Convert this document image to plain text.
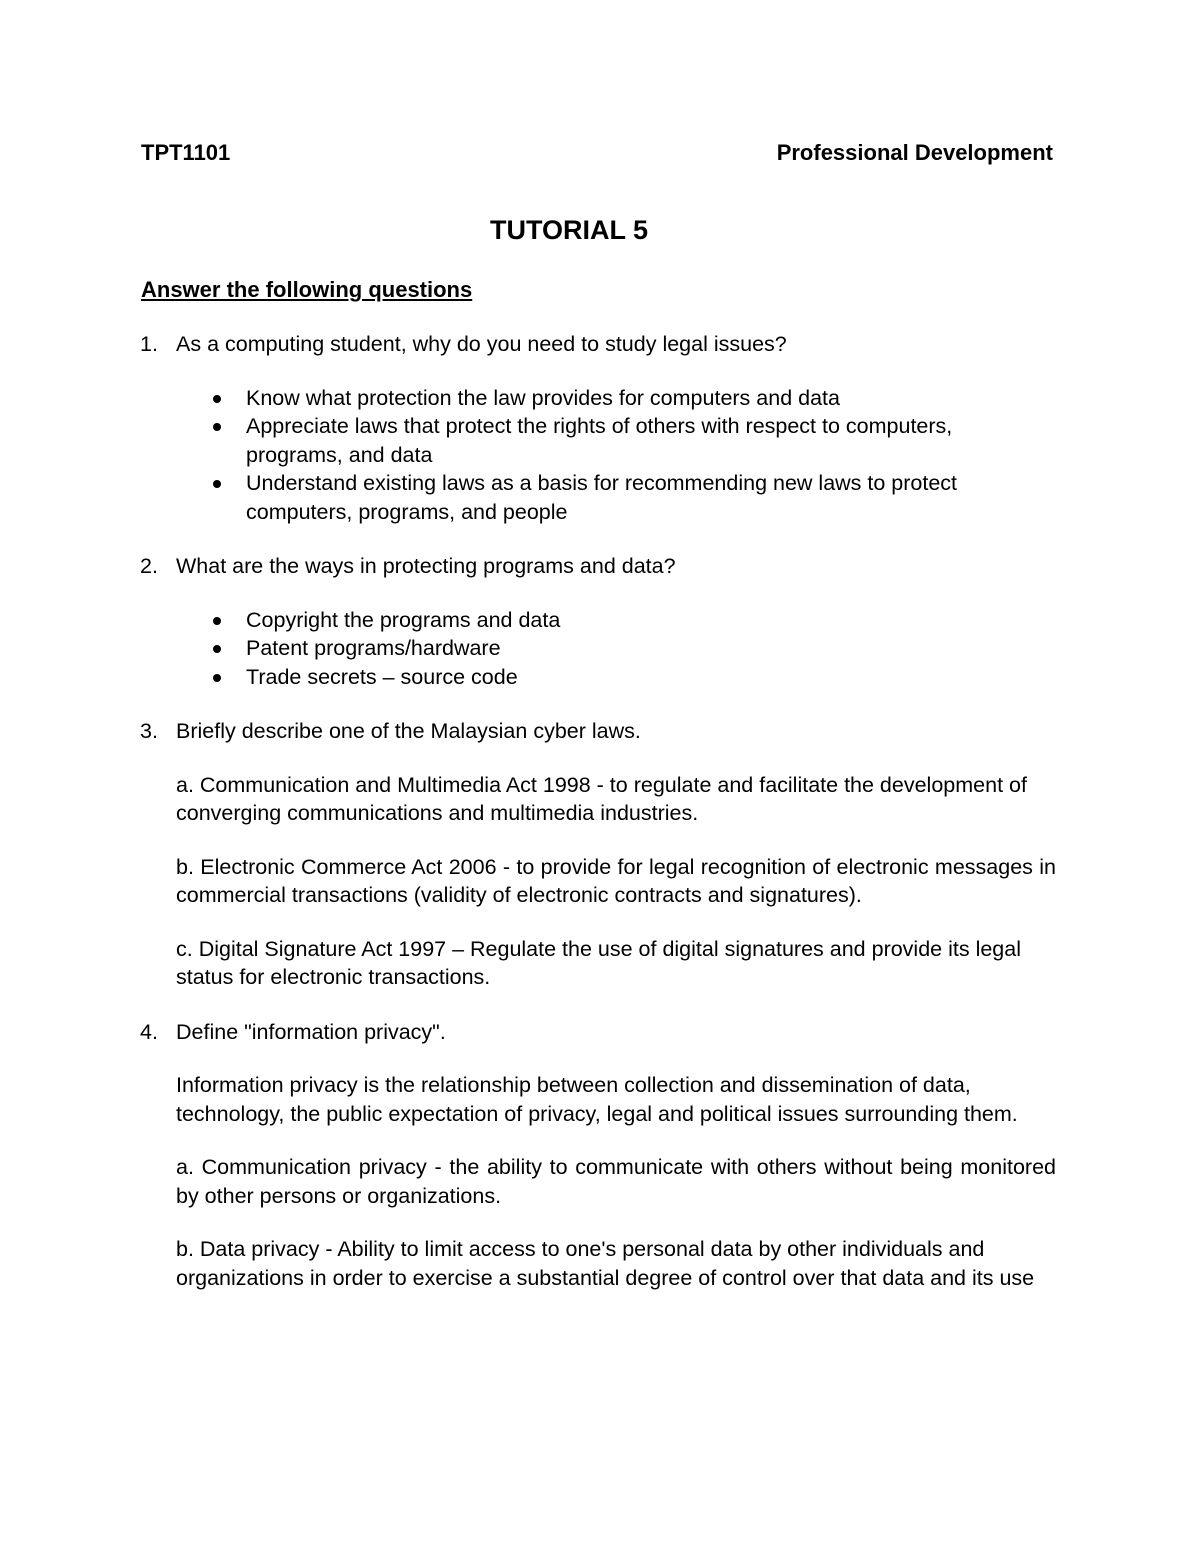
TPT1101	Professional Development
TUTORIAL 5
Answer the following questions
1. As a computing student, why do you need to study legal issues?
Know what protection the law provides for computers and data
Appreciate laws that protect the rights of others with respect to computers, programs, and data
Understand existing laws as a basis for recommending new laws to protect computers, programs, and people
2. What are the ways in protecting programs and data?
Copyright the programs and data
Patent programs/hardware
Trade secrets – source code
3. Briefly describe one of the Malaysian cyber laws.
a. Communication and Multimedia Act 1998 - to regulate and facilitate the development of converging communications and multimedia industries.
b. Electronic Commerce Act 2006 - to provide for legal recognition of electronic messages in commercial transactions (validity of electronic contracts and signatures).
c. Digital Signature Act 1997 – Regulate the use of digital signatures and provide its legal status for electronic transactions.
4. Define "information privacy".
Information privacy is the relationship between collection and dissemination of data, technology, the public expectation of privacy, legal and political issues surrounding them.
a. Communication privacy - the ability to communicate with others without being monitored by other persons or organizations.
b. Data privacy - Ability to limit access to one's personal data by other individuals and organizations in order to exercise a substantial degree of control over that data and its use
